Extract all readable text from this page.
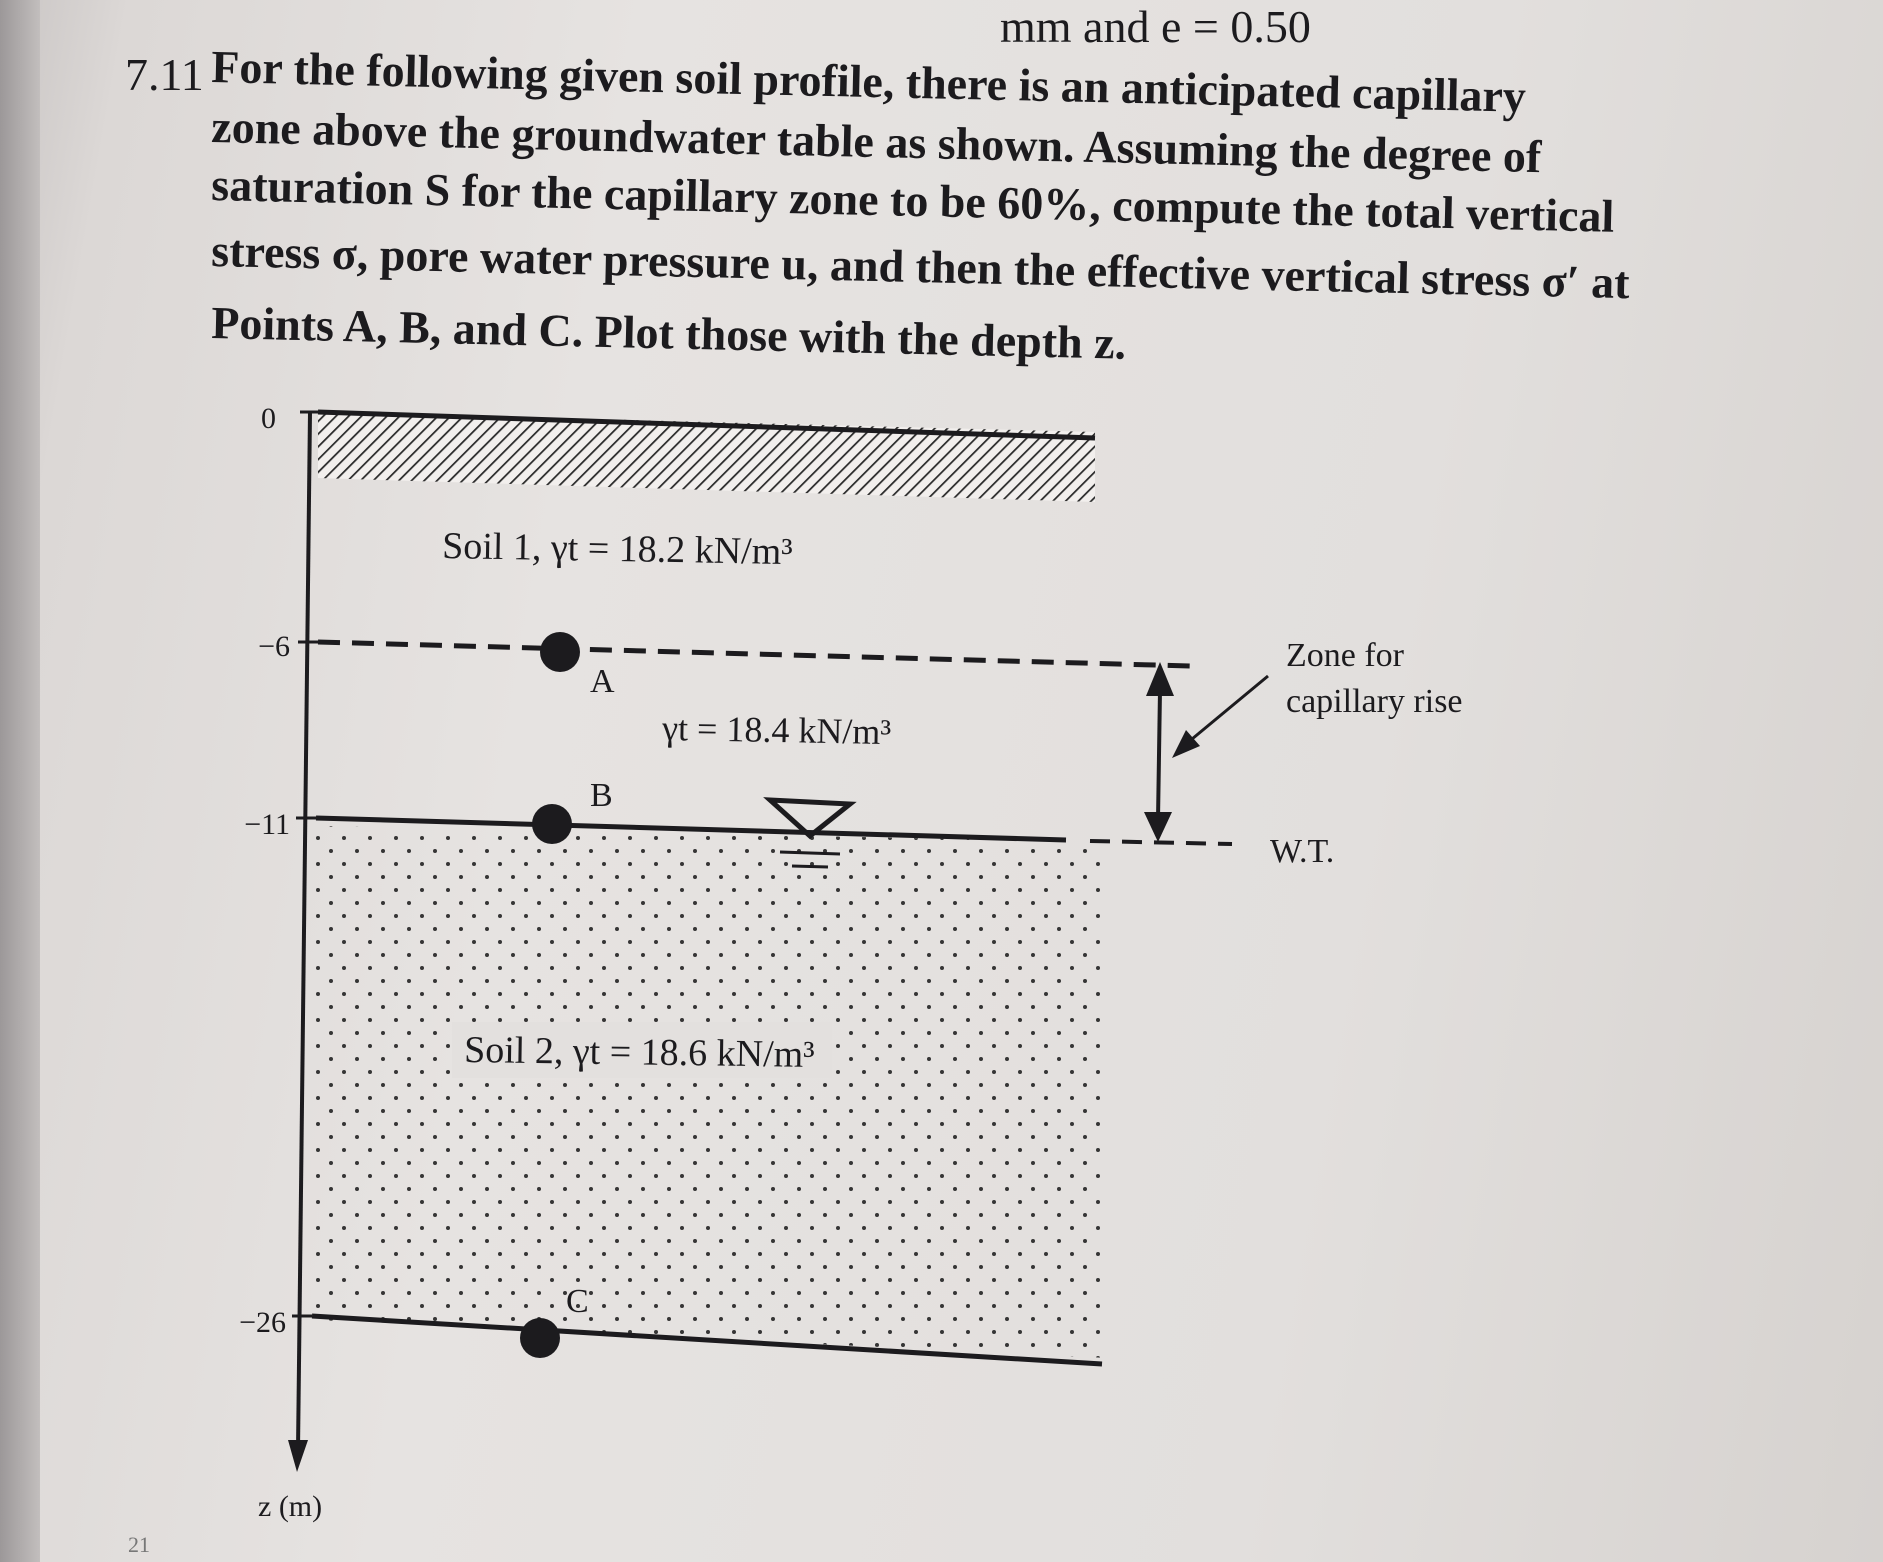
mm and e = 0.50
7.11 For the following given soil profile, there is an anticipated capillary
zone above the groundwater table as shown. Assuming the degree of
saturation S for the capillary zone to be 60%, compute the total vertical
stress σ, pore water pressure u, and then the effective vertical stress σ′ at
Points A, B, and C. Plot those with the depth z.
0
−6
−11
−26
z (m)
Soil 1, γt = 18.2 kN/m³
A
γt = 18.4 kN/m³
B
Zone for
capillary rise
W.T.
Soil 2, γt = 18.6 kN/m³
C
21
